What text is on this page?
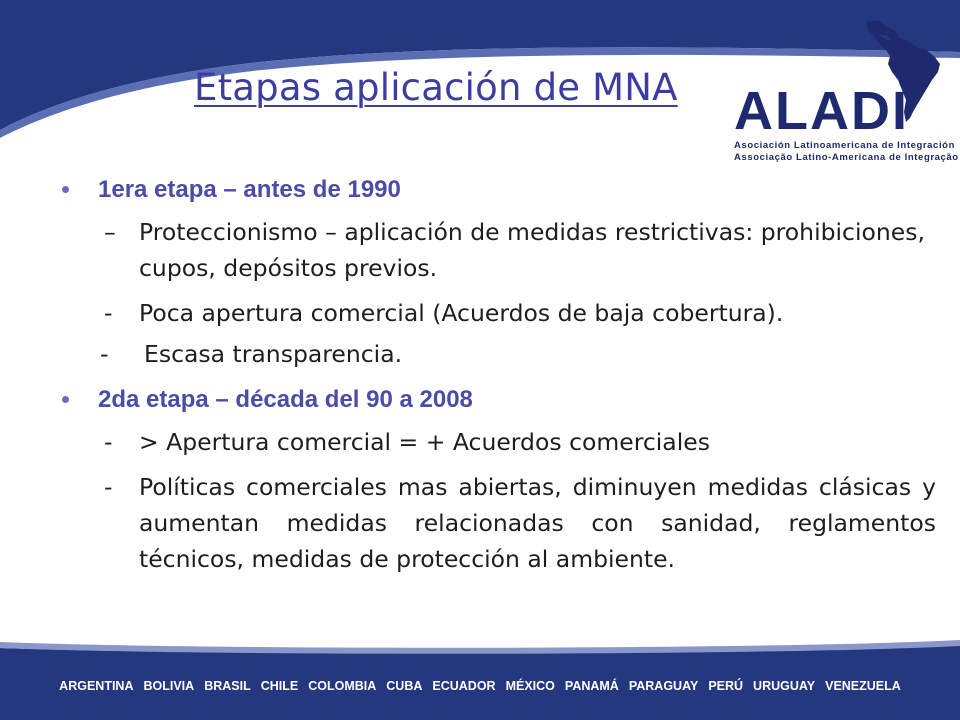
Etapas aplicación de MNA ALADI
Asociación Latinoamericana de Integración
Associação Latino-Americana de Integração
1era etapa – antes de 1990
– Proteccionismo – aplicación de medidas restrictivas: prohibiciones, cupos, depósitos previos.
- Poca apertura comercial (Acuerdos de baja cobertura).
- Escasa transparencia.
2da etapa – década del 90 a 2008
- > Apertura comercial = + Acuerdos comerciales
- Políticas comerciales mas abiertas, diminuyen medidas clásicas y aumentan medidas relacionadas con sanidad, reglamentos técnicos, medidas de protección al ambiente.
ARGENTINA BOLIVIA BRASIL CHILE COLOMBIA CUBA ECUADOR MÉXICO PANAMÁ PARAGUAY PERÚ URUGUAY VENEZUELA
